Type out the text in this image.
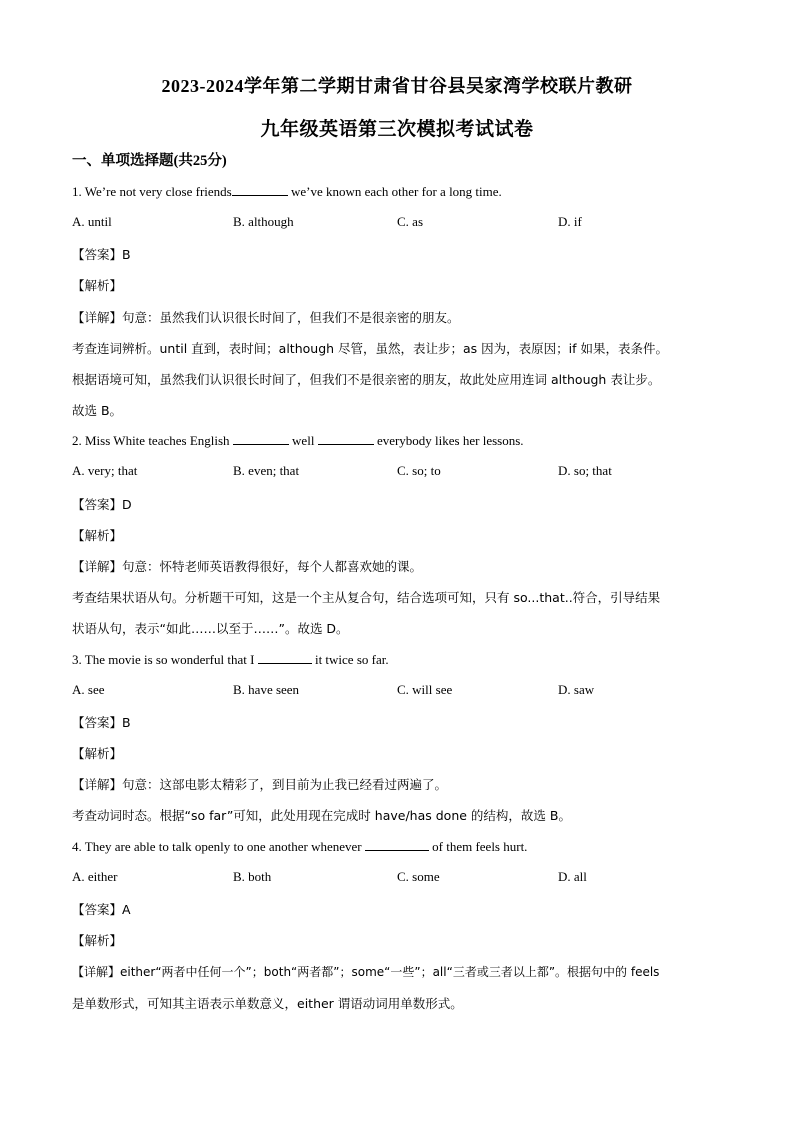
2023-2024学年第二学期甘肃省甘谷县吴家湾学校联片教研
九年级英语第三次模拟考试试卷
一、单项选择题(共25分)
1. We’re not very close friends	we’ve known each other for a long time.
A. until	B. although	C. as	D. if
【答案】B
【解析】
【详解】句意：虽然我们认识很长时间了，但我们不是很亲密的朋友。
考查连词辨析。until 直到，表时间；although 尽管，虽然，表让步；as 因为，表原因；if 如果，表条件。
根据语境可知，虽然我们认识很长时间了，但我们不是很亲密的朋友，故此处应用连词 although 表让步。
故选 B。
2. Miss White teaches English	well	everybody likes her lessons.
A. very; that	B. even; that	C. so; to	D. so; that
【答案】D
【解析】
【详解】句意：怀特老师英语教得很好，每个人都喜欢她的课。
考查结果状语从句。分析题干可知，这是一个主从复合句，结合选项可知，只有 so...that..符合，引导结果
状语从句，表示“如此……以至于……”。故选 D。
3. The movie is so wonderful that I	it twice so far.
A. see	B. have seen	C. will see	D. saw
【答案】B
【解析】
【详解】句意：这部电影太精彩了，到目前为止我已经看过两遍了。
考查动词时态。根据“so far”可知，此处用现在完成时 have/has done 的结构，故选 B。
4. They are able to talk openly to one another whenever	of them feels hurt.
A. either	B. both	C. some	D. all
【答案】A
【解析】
【详解】either“两者中任何一个”；both“两者都”；some“一些”；all“三者或三者以上都”。根据句中的 feels
是单数形式，可知其主语表示单数意义，either 谓语动词用单数形式。
